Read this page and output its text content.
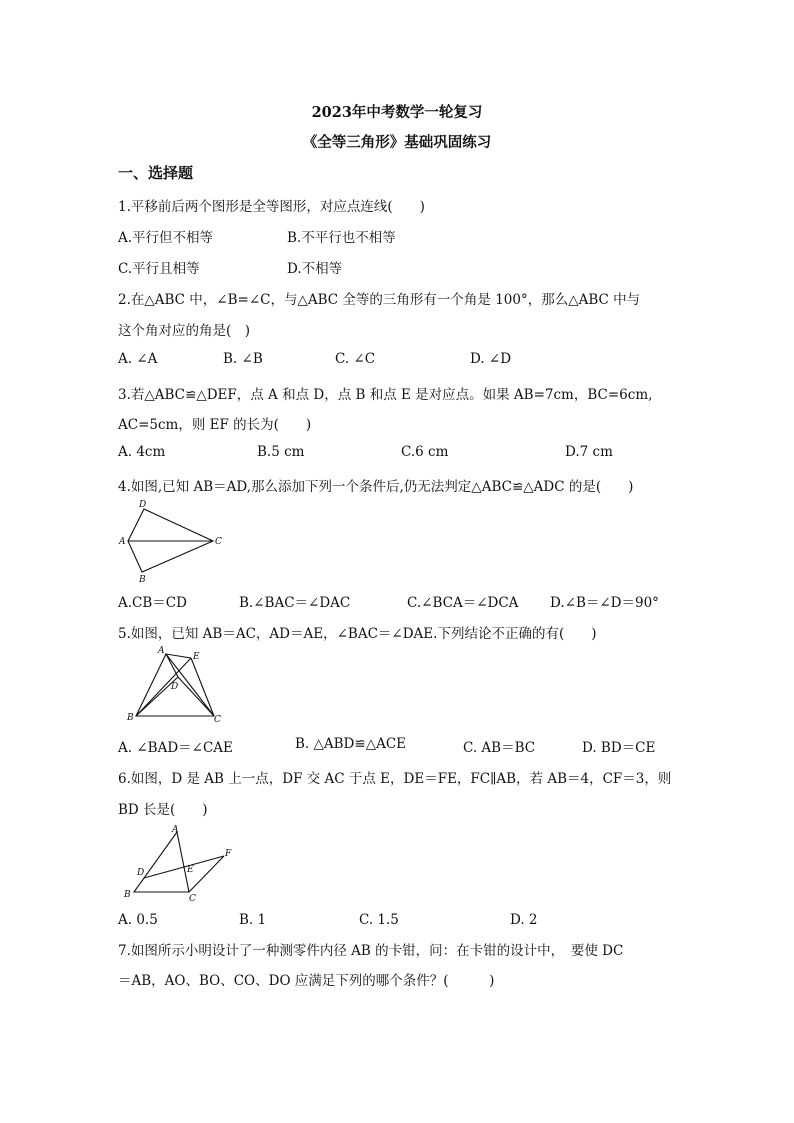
2023年中考数学一轮复习
《全等三角形》基础巩固练习
一、选择题
1.平移前后两个图形是全等图形，对应点连线(　　)
A.平行但不相等	B.不平行也不相等
C.平行且相等	D.不相等
2.在△ABC 中，∠B=∠C，与△ABC 全等的三角形有一个角是 100°，那么△ABC 中与
这个角对应的角是(　)
A. ∠A	B. ∠B	C. ∠C	D. ∠D
3.若△ABC≌△DEF，点 A 和点 D，点 B 和点 E 是对应点。如果 AB=7cm，BC=6cm,
AC=5cm，则 EF 的长为(　　)
A. 4cm	B.5 cm	C.6 cm	D.7 cm
4.如图,已知 AB＝AD,那么添加下列一个条件后,仍无法判定△ABC≌△ADC 的是(　　)
D
A	C
B
A.CB＝CD	B.∠BAC＝∠DAC	C.∠BCA＝∠DCA D.∠B＝∠D＝90°
5.如图，已知 AB＝AC，AD＝AE，∠BAC＝∠DAE.下列结论不正确的有(　　)
A
E
D
B	C
A. ∠BAD＝∠CAE	B. △ABD≌△ACE	C. AB＝BC	D. BD＝CE
6.如图，D 是 AB 上一点，DF 交 AC 于点 E，DE＝FE，FC∥AB，若 AB＝4，CF＝3，则
BD 长是(　　)
A
D	E
F
B	C
A. 0.5	B. 1	C. 1.5	D. 2
7.如图所示小明设计了一种测零件内径 AB 的卡钳，问：在卡钳的设计中，　要使 DC
＝AB，AO、BO、CO、DO 应满足下列的哪个条件？(　　　)
